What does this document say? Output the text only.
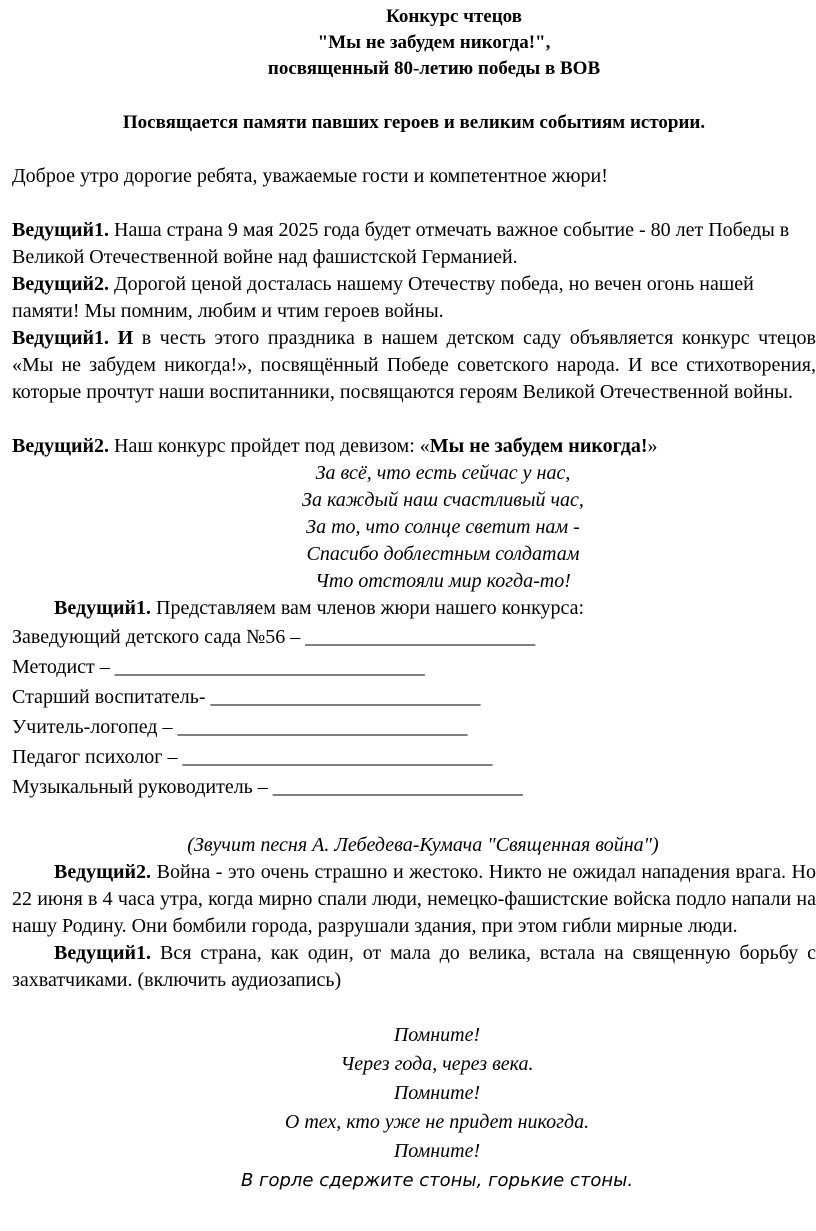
Конкурс чтецов
"Мы не забудем никогда!",
посвященный 80-летию победы в ВОВ
Посвящается памяти павших героев и великим событиям истории.
Доброе утро дорогие ребята, уважаемые гости и компетентное жюри!
Ведущий1. Наша страна 9 мая 2025 года будет отмечать важное событие - 80 лет Победы в Великой Отечественной войне над фашистской Германией.
Ведущий2. Дорогой ценой досталась нашему Отечеству победа, но вечен огонь нашей памяти! Мы помним, любим и чтим героев войны.
Ведущий1. И в честь этого праздника в нашем детском саду объявляется конкурс чтецов «Мы не забудем никогда!», посвящённый Победе советского народа. И все стихотворения, которые прочтут наши воспитанники, посвящаются героям Великой Отечественной войны.
Ведущий2. Наш конкурс пройдет под девизом: «Мы не забудем никогда!»
За всё, что есть сейчас у нас,
За каждый наш счастливый час,
За то, что солнце светит нам -
Спасибо доблестным солдатам
Что отстояли мир когда-то!
Ведущий1. Представляем вам членов жюри нашего конкурса:
Заведующий детского сада №56 – _______________________
Методист – _______________________________
Старший воспитатель- ___________________________
Учитель-логопед – _____________________________
Педагог психолог – _______________________________
Музыкальный руководитель – _________________________
(Звучит песня А. Лебедева-Кумача "Священная война")
Ведущий2. Война - это очень страшно и жестоко. Никто не ожидал нападения врага. Но 22 июня в 4 часа утра, когда мирно спали люди, немецко-фашистские войска подло напали на нашу Родину. Они бомбили города, разрушали здания, при этом гибли мирные люди.
Ведущий1. Вся страна, как один, от мала до велика, встала на священную борьбу с захватчиками. (включить аудиозапись)
Помните!
Через года, через века.
Помните!
О тех, кто уже не придет никогда.
Помните!
В горле сдержите стоны, горькие стоны.
